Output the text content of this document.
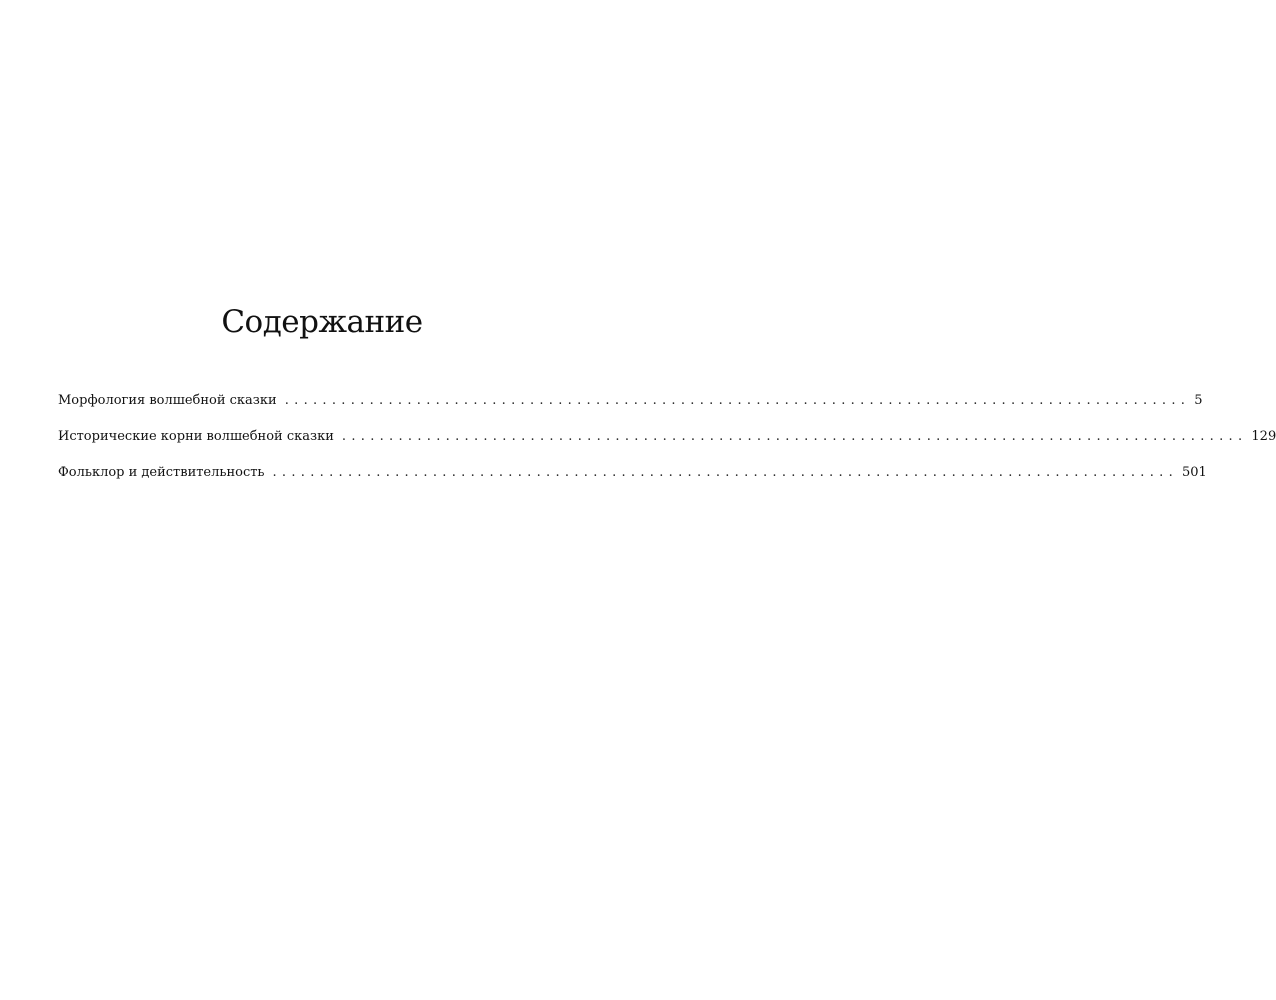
Содержание
Морфология волшебной сказки ................................................................................................ 5
Исторические корни волшебной сказки ................................................................................................ 129
Фольклор и действительность ................................................................................................ 501
